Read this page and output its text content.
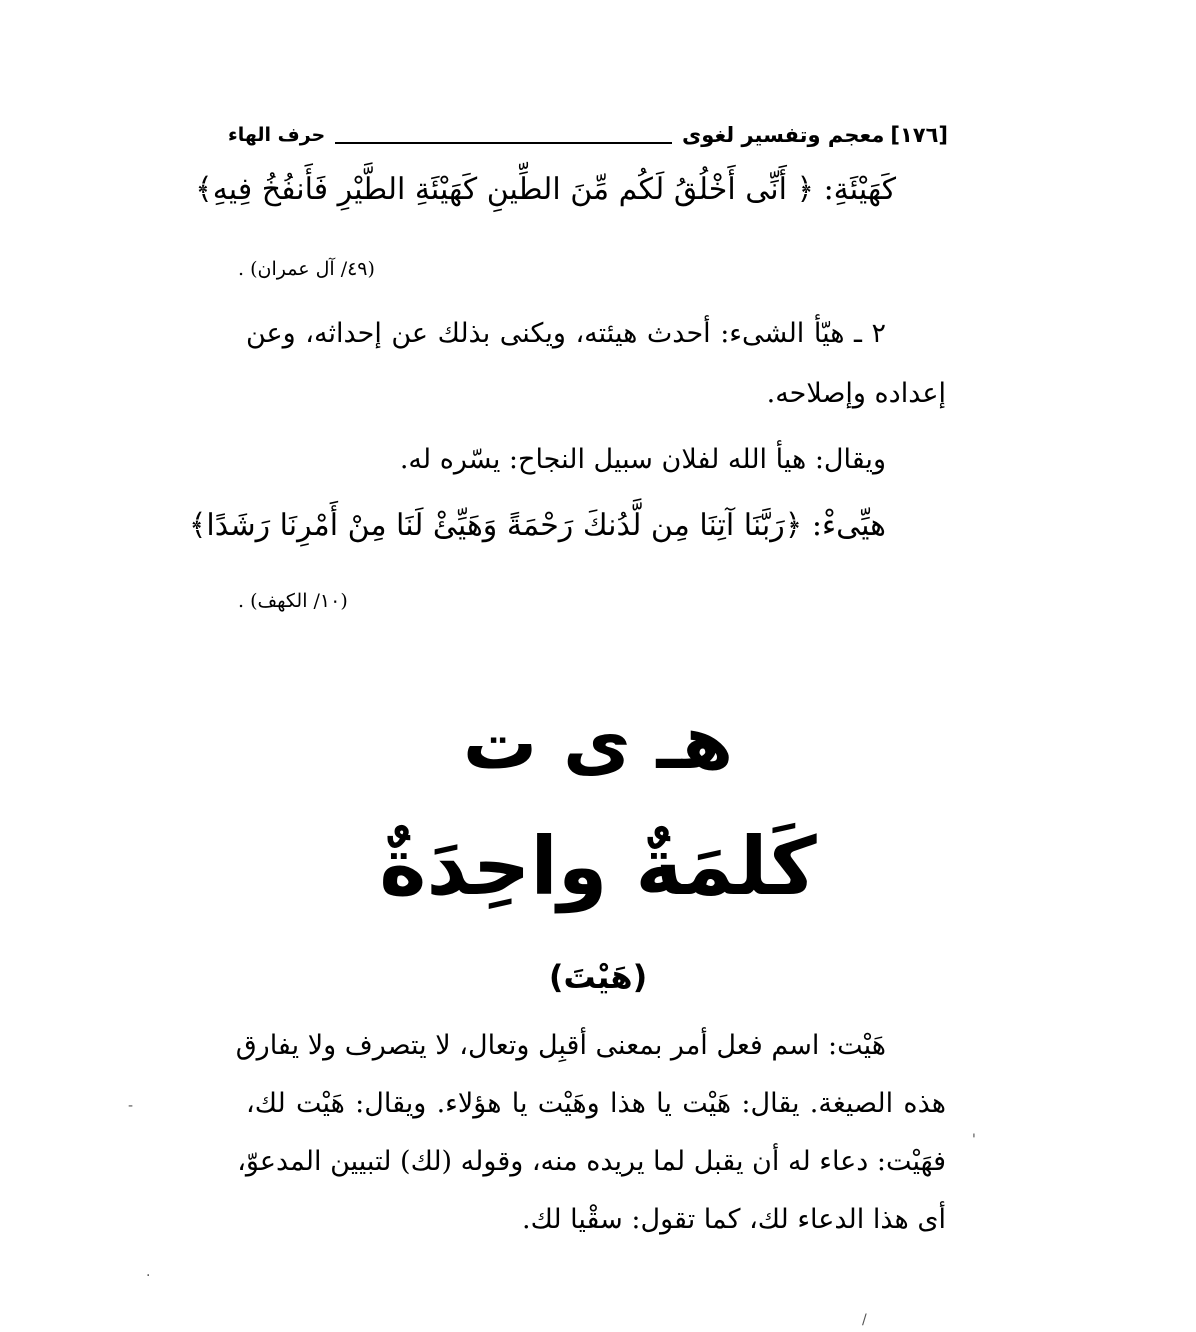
[١٧٦]
معجم وتفسير لغوى
حرف الهاء
كَهَيْئَةِ: ﴿ أَنِّى أَخْلُقُ لَكُم مِّنَ الطِّينِ كَهَيْئَةِ الطَّيْرِ فَأَنفُخُ فِيهِ﴾
(٤٩/ آل عمران) .
٢ ـ هيّأ الشىء: أحدث هيئته، ويكنى بذلك عن إحداثه، وعن
إعداده وإصلاحه.
ويقال: هيأ الله لفلان سبيل النجاح: يسّره له.
هيِّىءْ: ﴿رَبَّنَا آتِنَا مِن لَّدُنكَ رَحْمَةً وَهَيِّئْ لَنَا مِنْ أَمْرِنَا رَشَدًا﴾
(١٠/ الكهف) .
هـ ى ت
كَلمَةٌ واحِدَةٌ
(هَيْتَ)
هَيْت: اسم فعل أمر بمعنى أقبِل وتعال، لا يتصرف ولا يفارق
هذه الصيغة. يقال: هَيْت يا هذا وهَيْت يا هؤلاء. ويقال: هَيْت لك،
فهَيْت: دعاء له أن يقبل لما يريده منه، وقوله (لك) لتبيين المدعوّ،
أى هذا الدعاء لك، كما تقول: سقْيا لك.
-
'
·
/
